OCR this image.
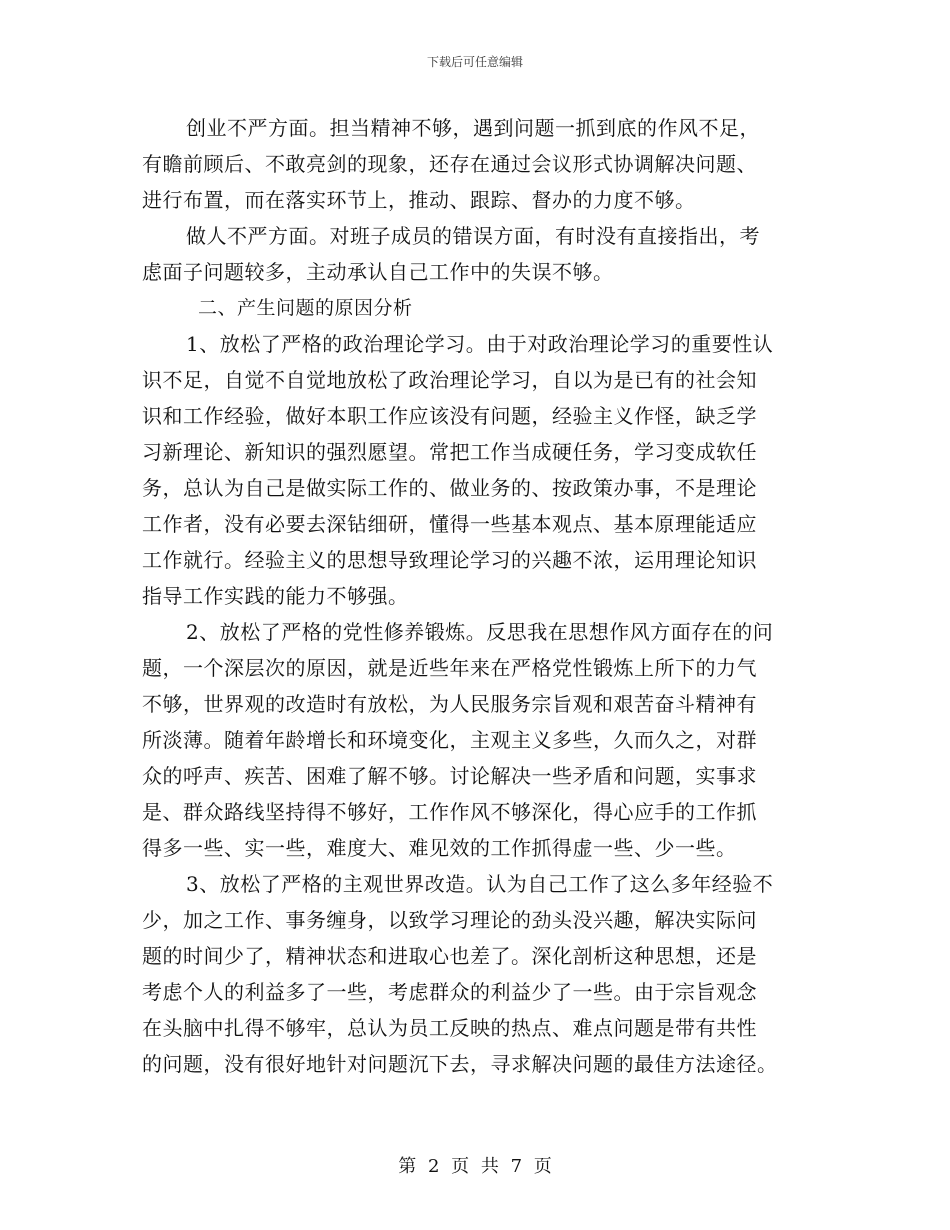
下载后可任意编辑
创业不严方面。担当精神不够，遇到问题一抓到底的作风不足，
有瞻前顾后、不敢亮剑的现象，还存在通过会议形式协调解决问题、
进行布置，而在落实环节上，推动、跟踪、督办的力度不够。
做人不严方面。对班子成员的错误方面，有时没有直接指出，考
虑面子问题较多，主动承认自己工作中的失误不够。
二、产生问题的原因分析
1、放松了严格的政治理论学习。由于对政治理论学习的重要性认
识不足，自觉不自觉地放松了政治理论学习，自以为是已有的社会知
识和工作经验，做好本职工作应该没有问题，经验主义作怪，缺乏学
习新理论、新知识的强烈愿望。常把工作当成硬任务，学习变成软任
务，总认为自己是做实际工作的、做业务的、按政策办事，不是理论
工作者，没有必要去深钻细研，懂得一些基本观点、基本原理能适应
工作就行。经验主义的思想导致理论学习的兴趣不浓，运用理论知识
指导工作实践的能力不够强。
2、放松了严格的党性修养锻炼。反思我在思想作风方面存在的问
题，一个深层次的原因，就是近些年来在严格党性锻炼上所下的力气
不够，世界观的改造时有放松，为人民服务宗旨观和艰苦奋斗精神有
所淡薄。随着年龄增长和环境变化，主观主义多些，久而久之，对群
众的呼声、疾苦、困难了解不够。讨论解决一些矛盾和问题，实事求
是、群众路线坚持得不够好，工作作风不够深化，得心应手的工作抓
得多一些、实一些，难度大、难见效的工作抓得虚一些、少一些。
3、放松了严格的主观世界改造。认为自己工作了这么多年经验不
少，加之工作、事务缠身，以致学习理论的劲头没兴趣，解决实际问
题的时间少了，精神状态和进取心也差了。深化剖析这种思想，还是
考虑个人的利益多了一些，考虑群众的利益少了一些。由于宗旨观念
在头脑中扎得不够牢，总认为员工反映的热点、难点问题是带有共性
的问题，没有很好地针对问题沉下去，寻求解决问题的最佳方法途径。
第 2 页 共 7 页
